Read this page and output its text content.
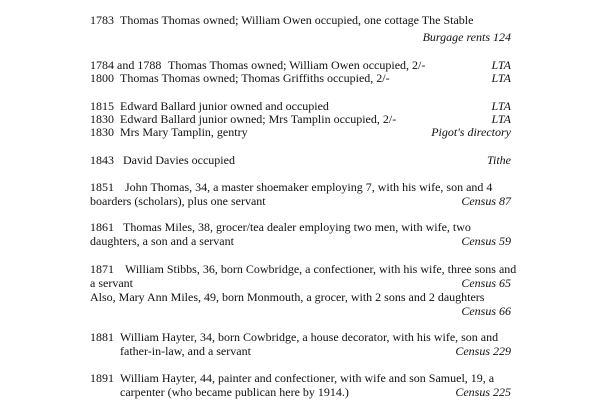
1783 Thomas Thomas owned; William Owen occupied, one cottage The Stable
Burgage rents 124
1784 and 1788 Thomas Thomas owned; William Owen occupied, 2/-	LTA
1800 Thomas Thomas owned; Thomas Griffiths occupied, 2/-	LTA
1815 Edward Ballard junior owned and occupied	LTA
1830 Edward Ballard junior owned; Mrs Tamplin occupied, 2/-	LTA
1830 Mrs Mary Tamplin, gentry	Pigot's directory
1843 David Davies occupied	Tithe
1851 John Thomas, 34, a master shoemaker employing 7, with his wife, son and 4
boarders (scholars), plus one servant	Census 87
1861 Thomas Miles, 38, grocer/tea dealer employing two men, with wife, two
daughters, a son and a servant	Census 59
1871 William Stibbs, 36, born Cowbridge, a confectioner, with his wife, three sons and
a servant	Census 65
Also, Mary Ann Miles, 49, born Monmouth, a grocer, with 2 sons and 2 daughters
Census 66
1881 William Hayter, 34, born Cowbridge, a house decorator, with his wife, son and
father-in-law, and a servant	Census 229
1891 William Hayter, 44, painter and confectioner, with wife and son Samuel, 19, a
carpenter (who became publican here by 1914.)	Census 225
